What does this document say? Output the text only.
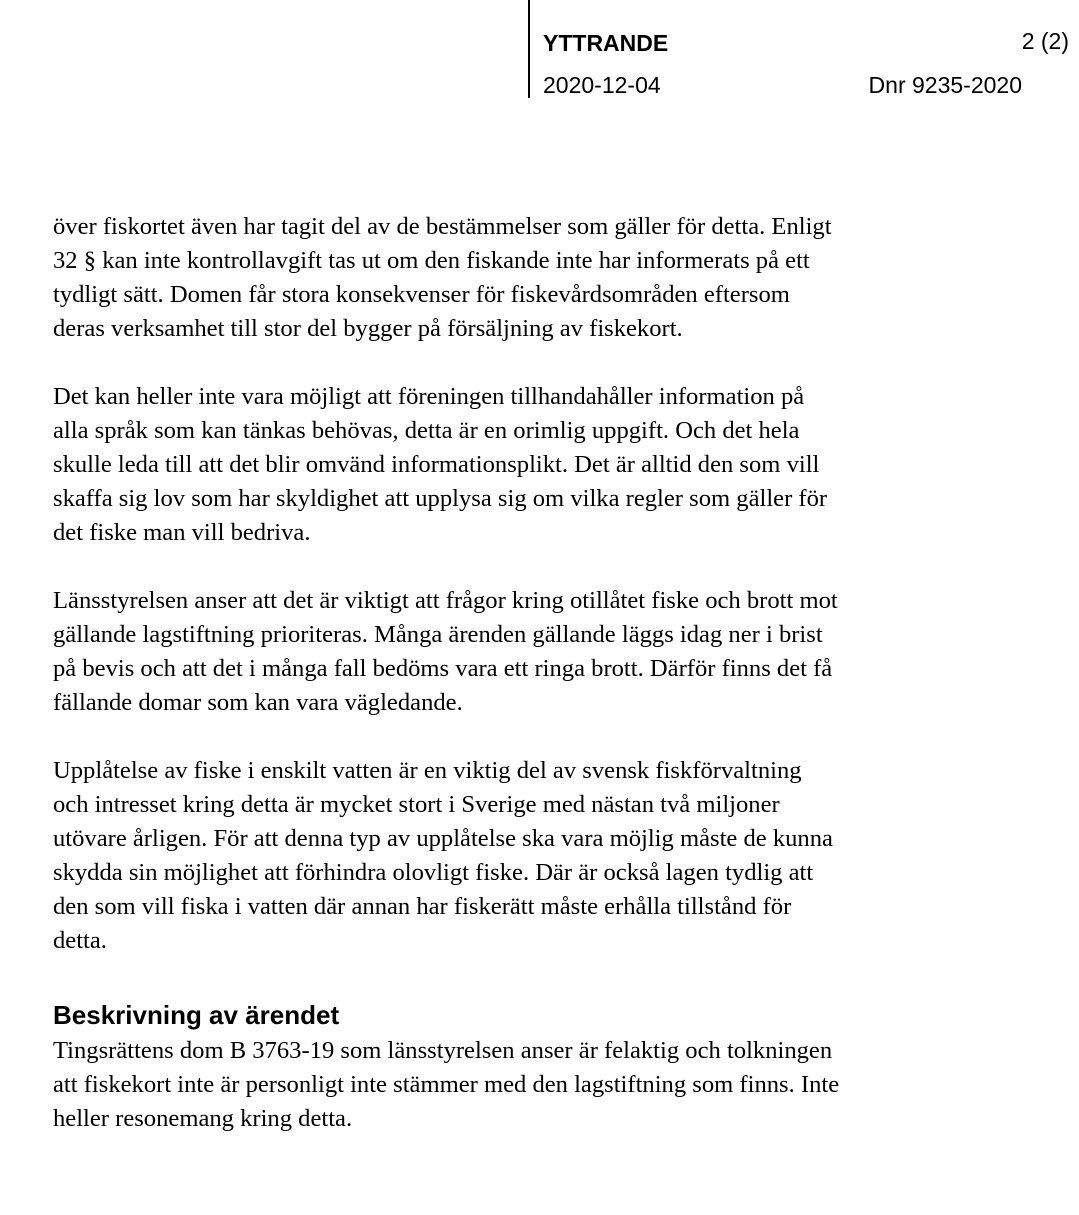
YTTRANDE	2 (2)
2020-12-04	Dnr 9235-2020

över fiskortet även har tagit del av de bestämmelser som gäller för detta. Enligt
32 § kan inte kontrollavgift tas ut om den fiskande inte har informerats på ett
tydligt sätt. Domen får stora konsekvenser för fiskevårdsområden eftersom
deras verksamhet till stor del bygger på försäljning av fiskekort.

Det kan heller inte vara möjligt att föreningen tillhandahåller information på
alla språk som kan tänkas behövas, detta är en orimlig uppgift. Och det hela
skulle leda till att det blir omvänd informationsplikt. Det är alltid den som vill
skaffa sig lov som har skyldighet att upplysa sig om vilka regler som gäller för
det fiske man vill bedriva.

Länsstyrelsen anser att det är viktigt att frågor kring otillåtet fiske och brott mot
gällande lagstiftning prioriteras. Många ärenden gällande läggs idag ner i brist
på bevis och att det i många fall bedöms vara ett ringa brott. Därför finns det få
fällande domar som kan vara vägledande.

Upplåtelse av fiske i enskilt vatten är en viktig del av svensk fiskförvaltning
och intresset kring detta är mycket stort i Sverige med nästan två miljoner
utövare årligen. För att denna typ av upplåtelse ska vara möjlig måste de kunna
skydda sin möjlighet att förhindra olovligt fiske. Där är också lagen tydlig att
den som vill fiska i vatten där annan har fiskerätt måste erhålla tillstånd för
detta.

Beskrivning av ärendet

Tingsrättens dom B 3763-19 som länsstyrelsen anser är felaktig och tolkningen
att fiskekort inte är personligt inte stämmer med den lagstiftning som finns. Inte
heller resonemang kring detta.
